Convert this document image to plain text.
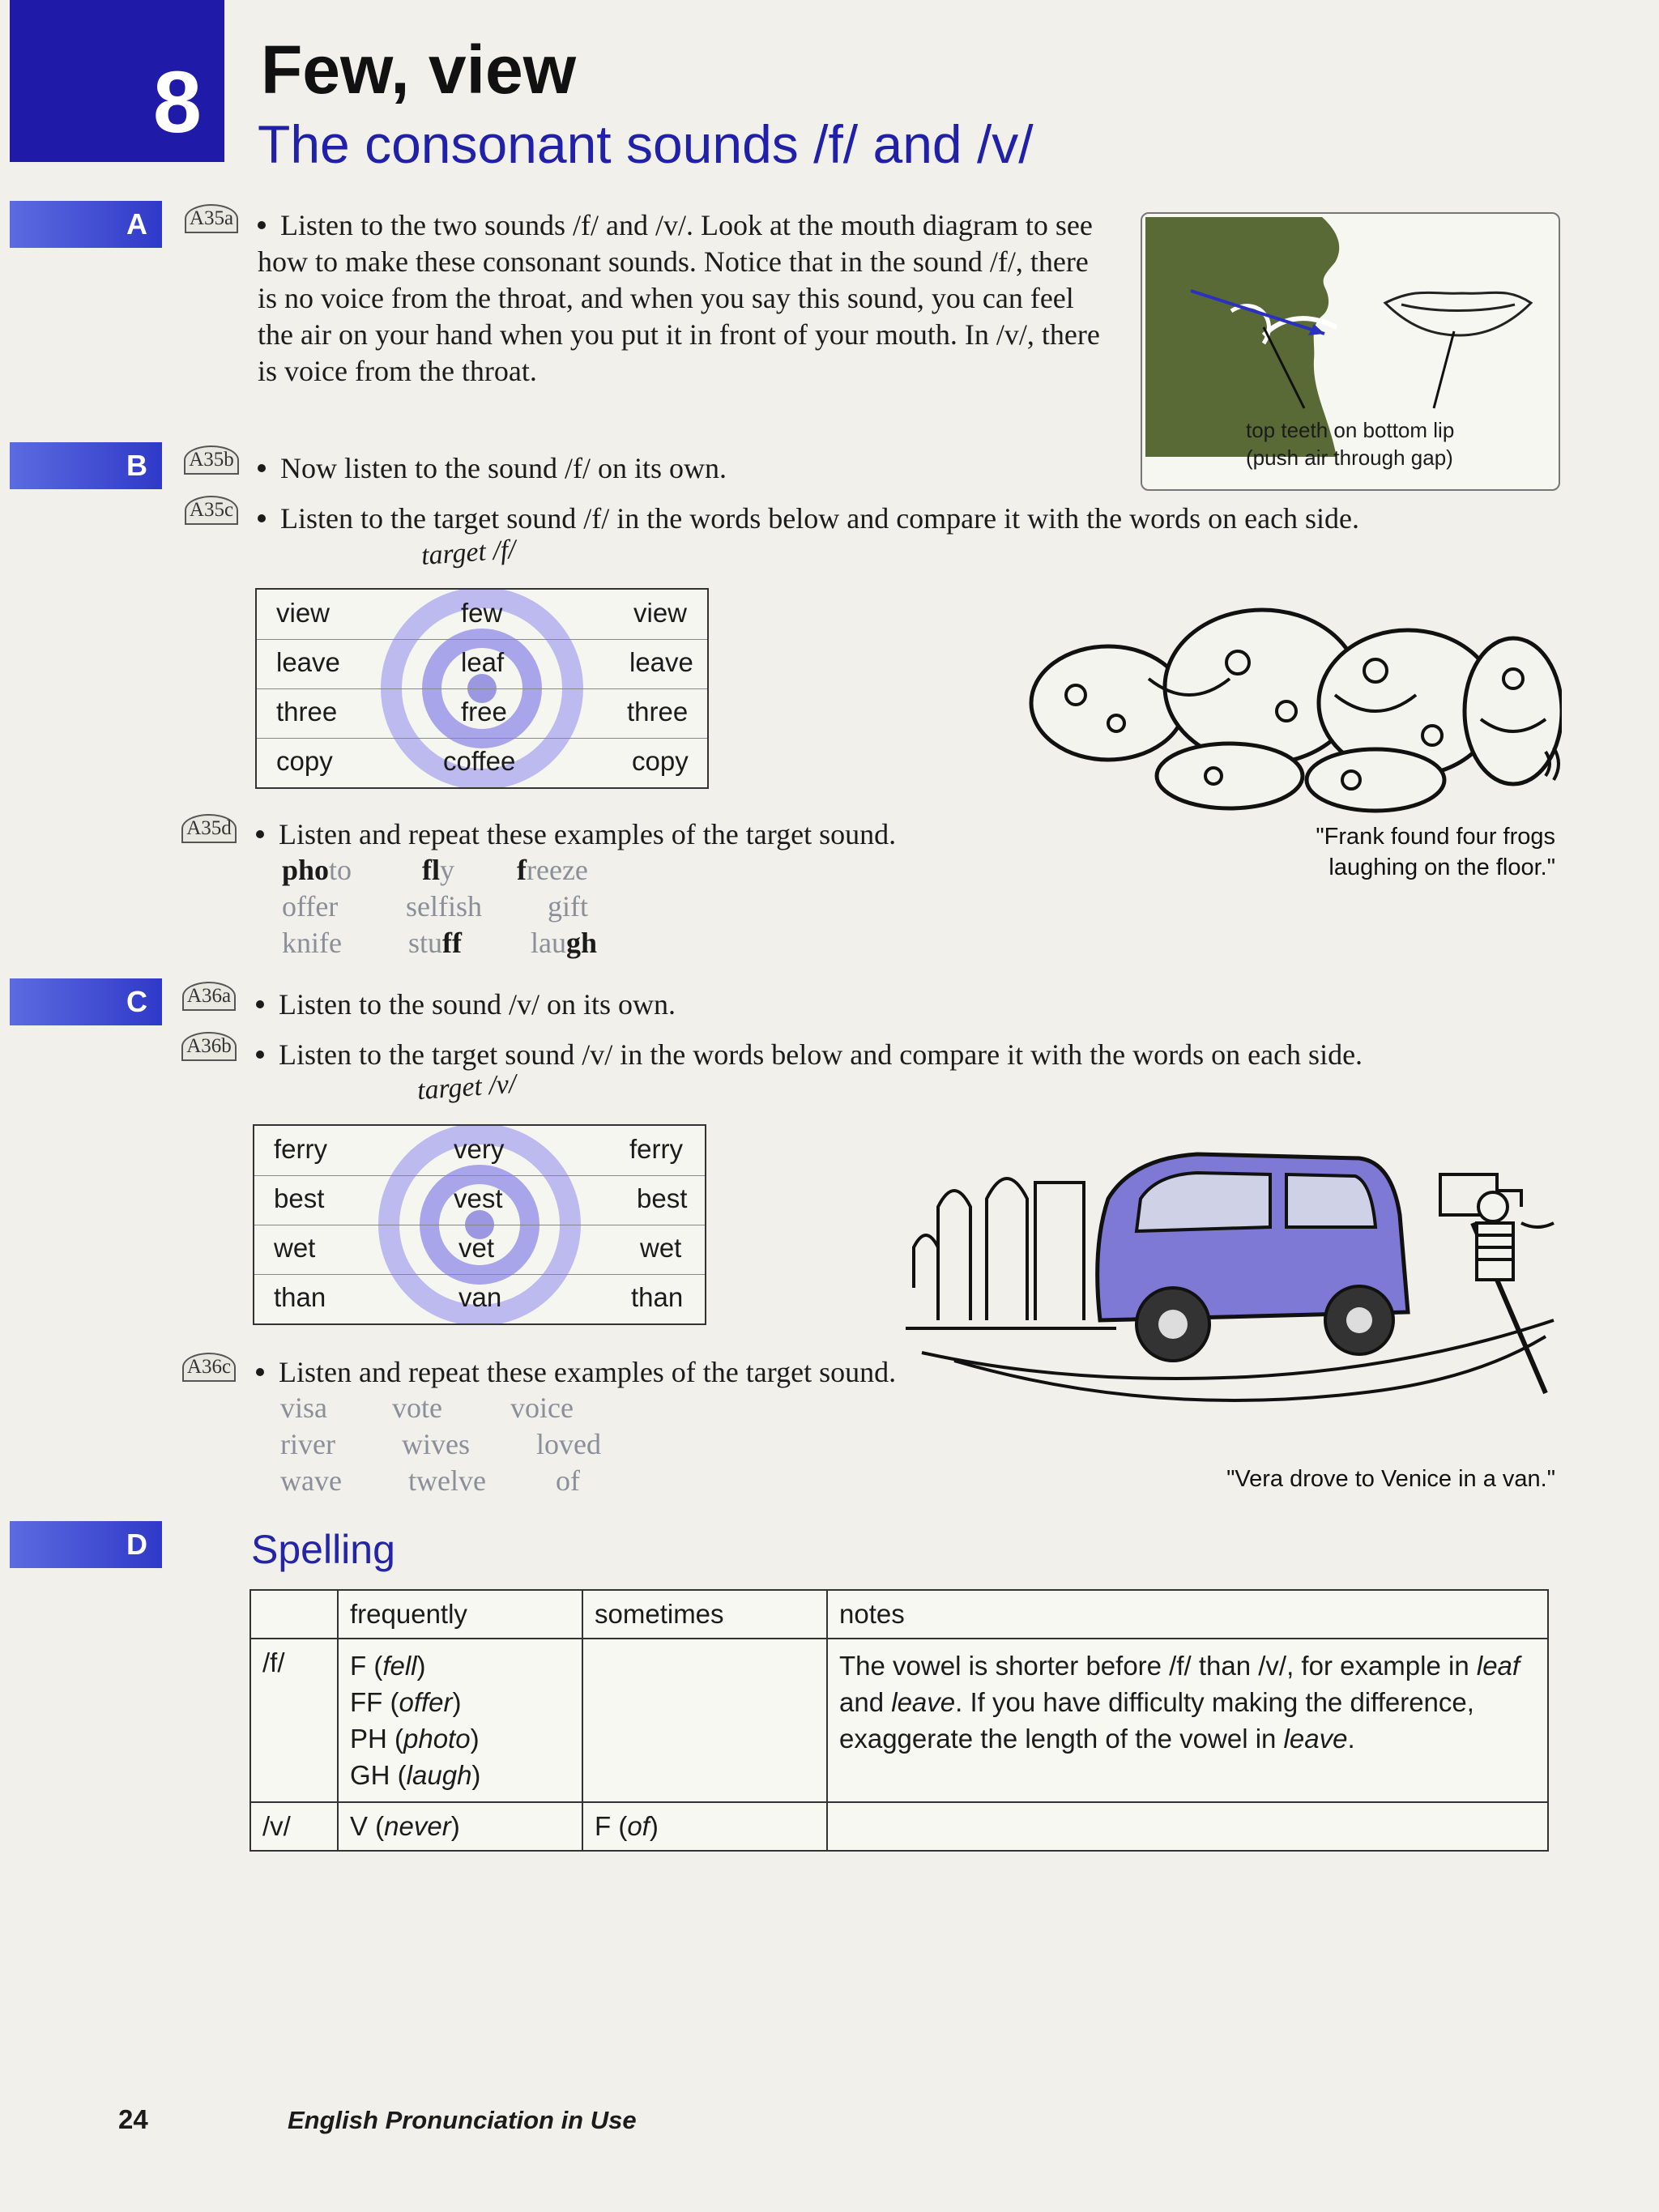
8 Few, view
The consonant sounds /f/ and /v/
A	A35a	Listen to the two sounds /f/ and /v/. Look at the mouth diagram to see how to make these consonant sounds. Notice that in the sound /f/, there is no voice from the throat, and when you say this sound, you can feel the air on your hand when you put it in front of your mouth. In /v/, there is voice from the throat.
top teeth on bottom lip
(push air through gap)
B	A35b	Now listen to the sound /f/ on its own.
A35c	Listen to the target sound /f/ in the words below and compare it with the words on each side.
target /f/
view	few	view
leave	leaf	leave
three	free	three
copy	coffee	copy
"Frank found four frogs
laughing on the floor."
A35d	Listen and repeat these examples of the target sound.
photo fly freeze
offer selfish gift
knife stuff laugh
C	A36a	Listen to the sound /v/ on its own.
A36b	Listen to the target sound /v/ in the words below and compare it with the words on each side.
target /v/
ferry	very	ferry
best	vest	best
wet	vet	wet
than	van	than
A36c	Listen and repeat these examples of the target sound.
visa vote voice
river wives loved
wave twelve of	"Vera drove to Venice in a van."
D	Spelling
	frequently	sometimes	notes
/f/	F (fell)
FF (offer)
PH (photo)
GH (laugh)		The vowel is shorter before /f/ than /v/, for example in leaf and leave. If you have difficulty making the difference, exaggerate the length of the vowel in leave.
/v/	V (never)	F (of)	
24	English Pronunciation in Use
